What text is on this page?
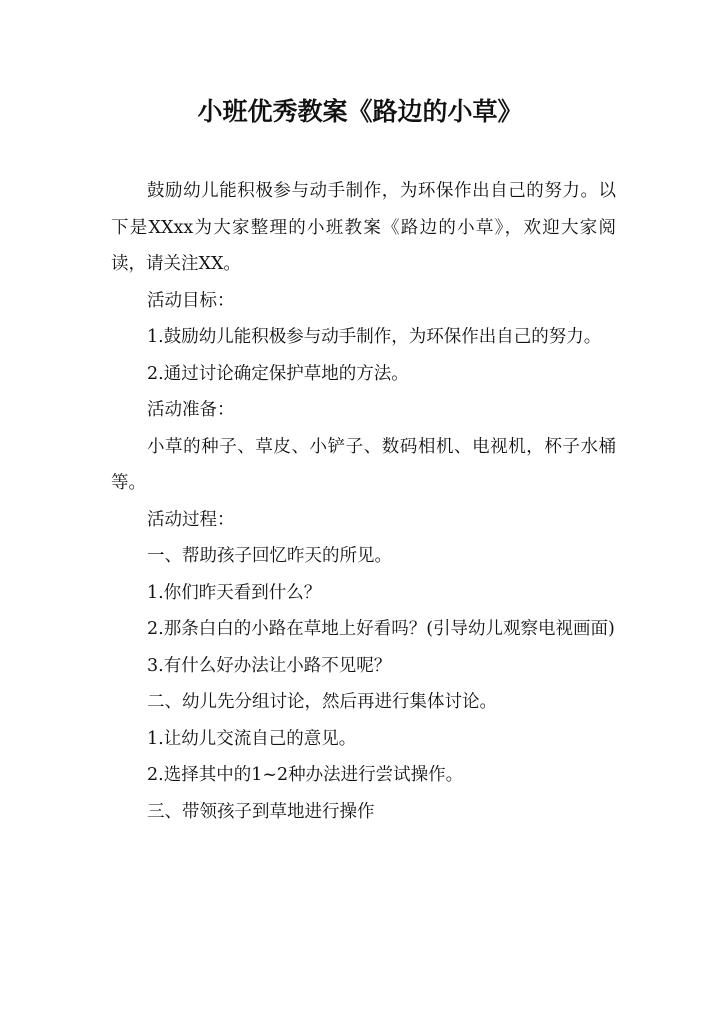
小班优秀教案《路边的小草》

鼓励幼儿能积极参与动手制作，为环保作出自己的努力。以下是XXxx为大家整理的小班教案《路边的小草》，欢迎大家阅读，请关注XX。

活动目标：

1.鼓励幼儿能积极参与动手制作，为环保作出自己的努力。

2.通过讨论确定保护草地的方法。

活动准备：

小草的种子、草皮、小铲子、数码相机、电视机，杯子水桶等。

活动过程：

一、帮助孩子回忆昨天的所见。

1.你们昨天看到什么？

2.那条白白的小路在草地上好看吗？(引导幼儿观察电视画面)

3.有什么好办法让小路不见呢？

二、幼儿先分组讨论，然后再进行集体讨论。

1.让幼儿交流自己的意见。

2.选择其中的1~2种办法进行尝试操作。

三、带领孩子到草地进行操作
